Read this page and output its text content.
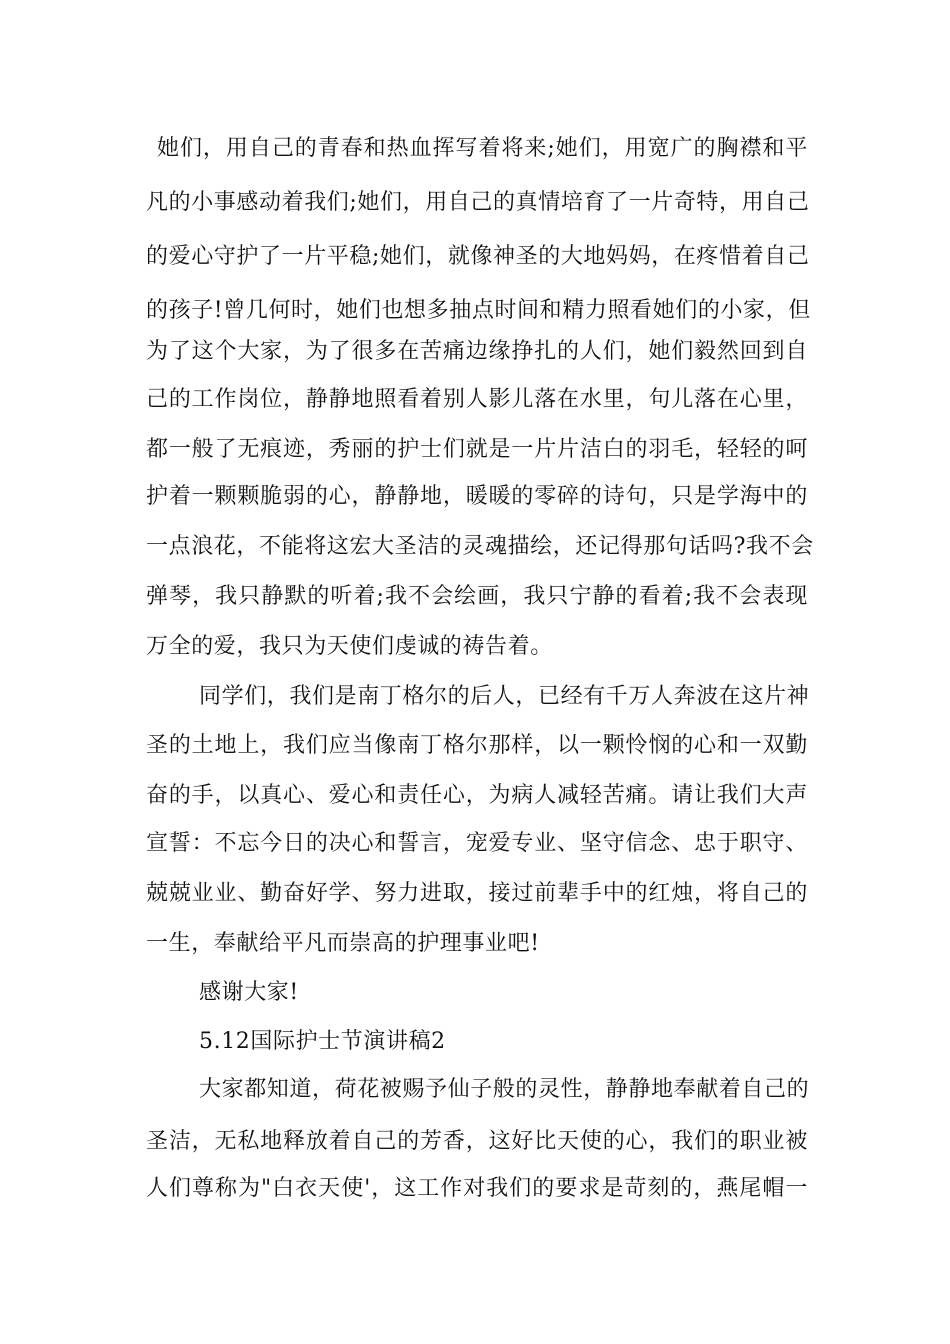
她们，用自己的青春和热血挥写着将来;她们，用宽广的胸襟和平
凡的小事感动着我们;她们，用自己的真情培育了一片奇特，用自己
的爱心守护了一片平稳;她们，就像神圣的大地妈妈，在疼惜着自己
的孩子!曾几何时，她们也想多抽点时间和精力照看她们的小家，但
为了这个大家，为了很多在苦痛边缘挣扎的人们，她们毅然回到自
己的工作岗位，静静地照看着别人影儿落在水里，句儿落在心里，
都一般了无痕迹，秀丽的护士们就是一片片洁白的羽毛，轻轻的呵
护着一颗颗脆弱的心，静静地，暖暖的零碎的诗句，只是学海中的
一点浪花，不能将这宏大圣洁的灵魂描绘，还记得那句话吗?我不会
弹琴，我只静默的听着;我不会绘画，我只宁静的看着;我不会表现
万全的爱，我只为天使们虔诚的祷告着。
同学们，我们是南丁格尔的后人，已经有千万人奔波在这片神
圣的土地上，我们应当像南丁格尔那样，以一颗怜悯的心和一双勤
奋的手，以真心、爱心和责任心，为病人减轻苦痛。请让我们大声
宣誓：不忘今日的决心和誓言，宠爱专业、坚守信念、忠于职守、
兢兢业业、勤奋好学、努力进取，接过前辈手中的红烛，将自己的
一生，奉献给平凡而崇高的护理事业吧!
感谢大家!
5.12国际护士节演讲稿2
大家都知道，荷花被赐予仙子般的灵性，静静地奉献着自己的
圣洁，无私地释放着自己的芳香，这好比天使的心，我们的职业被
人们尊称为"白衣天使'，这工作对我们的要求是苛刻的，燕尾帽一
